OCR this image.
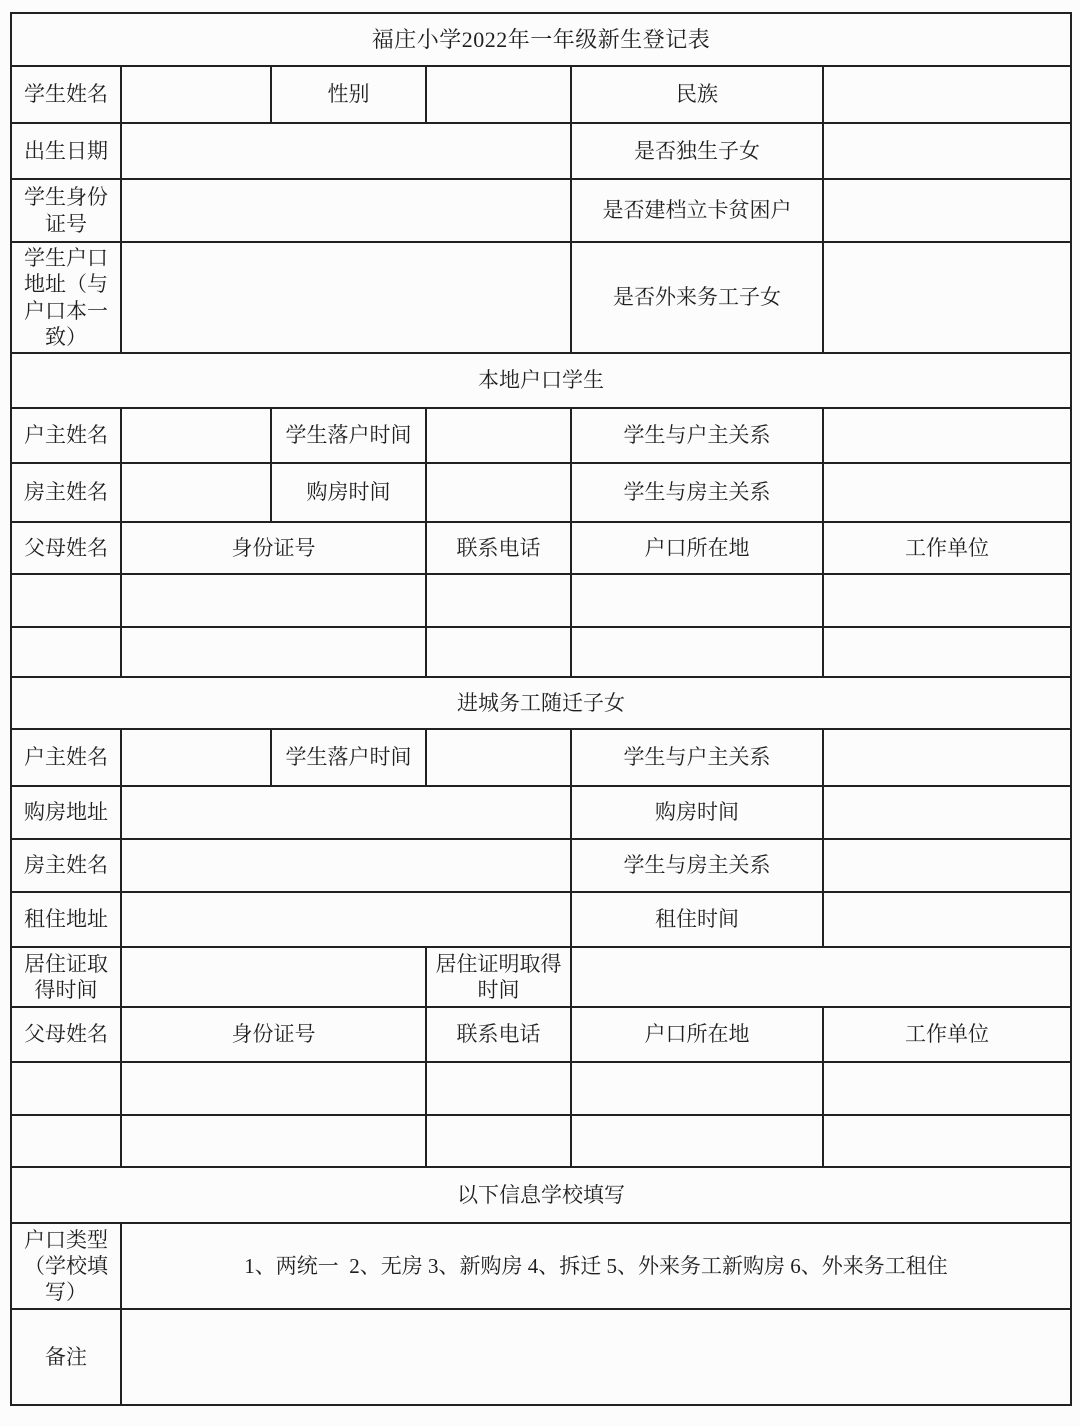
福庄小学2022年一年级新生登记表					
学生姓名		性别		民族	
出生日期				是否独生子女	
学生身份证号				是否建档立卡贫困户	
学生户口地址（与户口本一致）				是否外来务工子女	
本地户口学生					
户主姓名		学生落户时间		学生与户主关系	
房主姓名		购房时间		学生与房主关系	
父母姓名	身份证号		联系电话	户口所在地	工作单位

进城务工随迁子女					
户主姓名		学生落户时间		学生与户主关系	
购房地址				购房时间	
房主姓名				学生与房主关系	
租住地址				租住时间	
居住证取得时间			居住证明取得时间		
父母姓名	身份证号		联系电话	户口所在地	工作单位

以下信息学校填写					
户口类型（学校填写）	1、两统一  2、无房 3、新购房 4、拆迁 5、外来务工新购房 6、外来务工租住				
备注					
